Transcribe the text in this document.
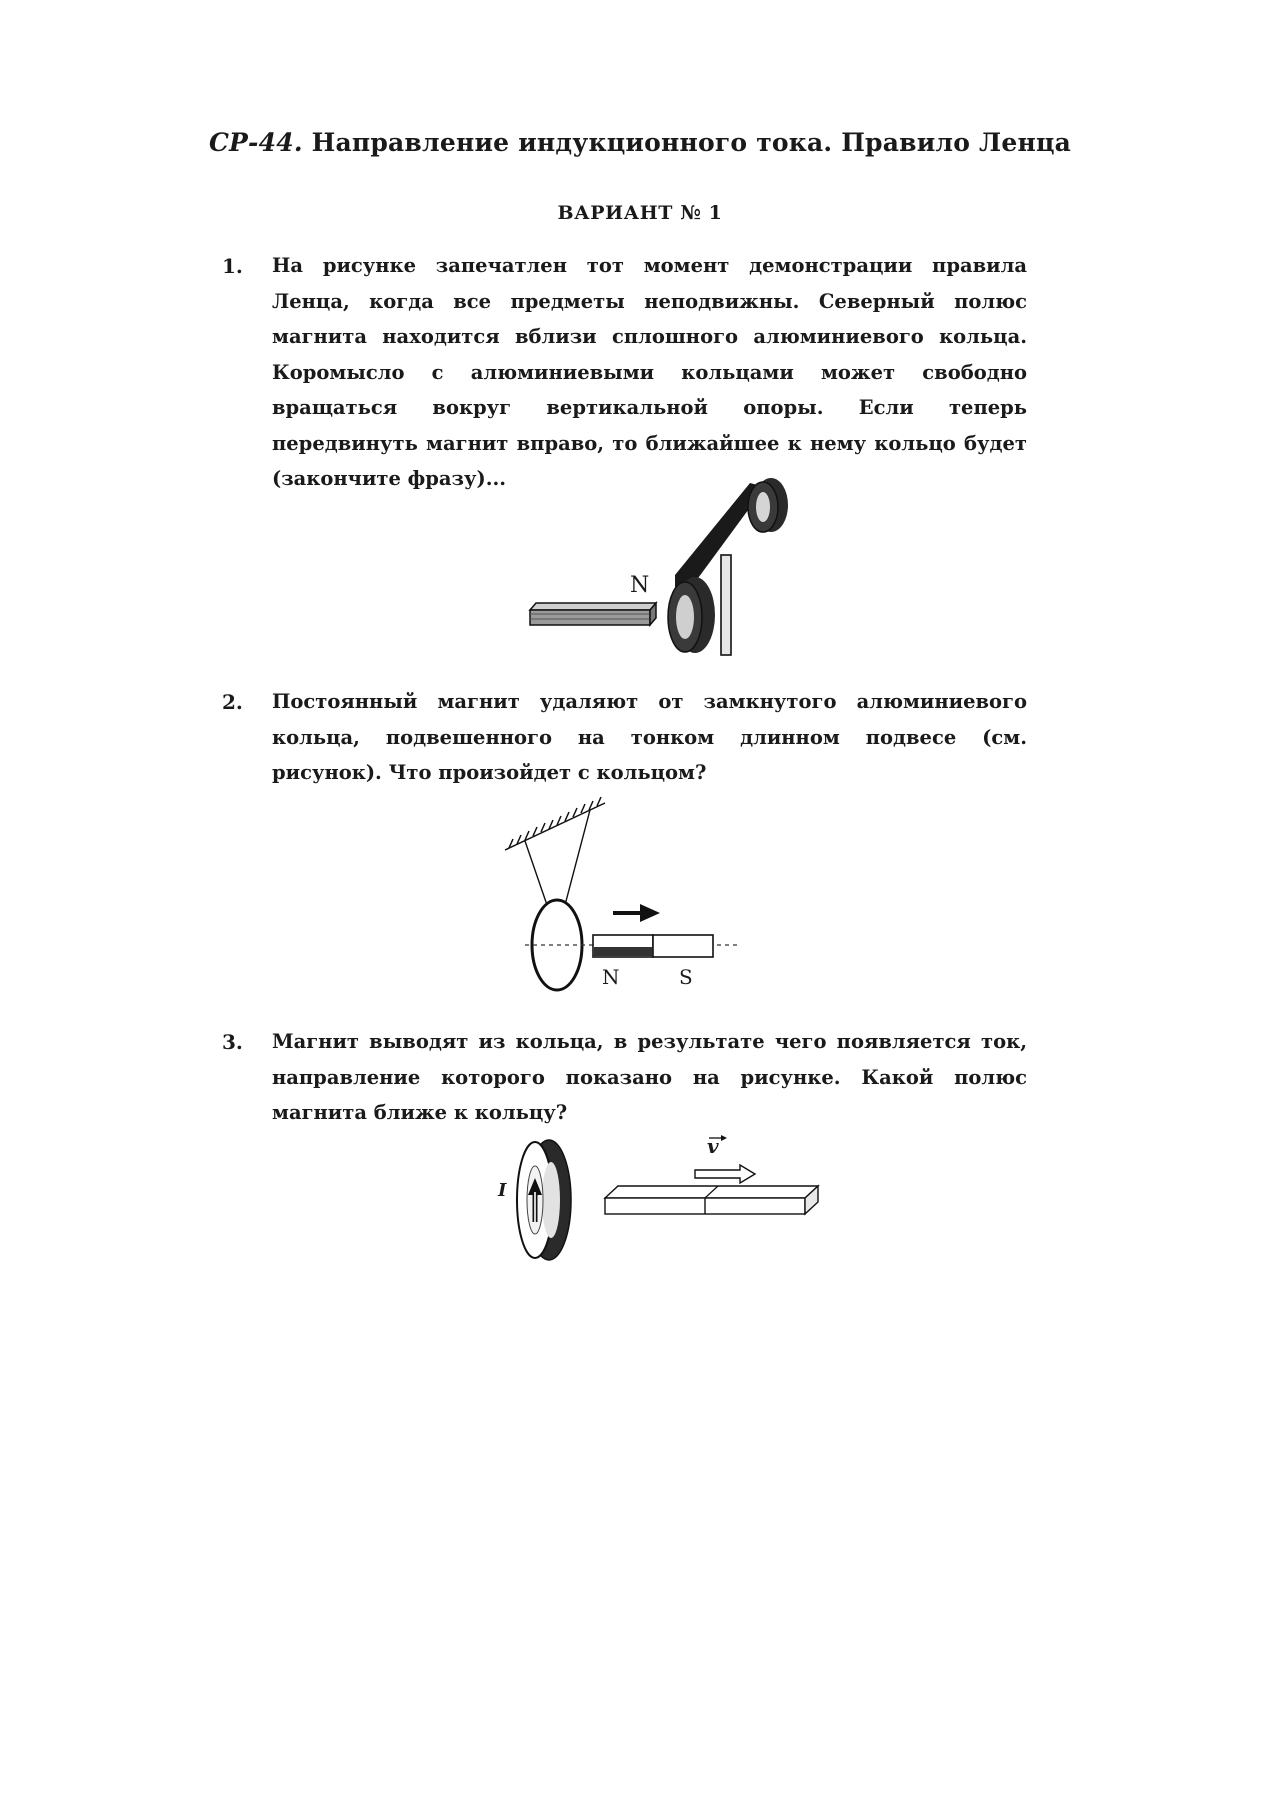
СР-44. Направление индукционного тока. Правило Ленца
ВАРИАНТ № 1
1. На рисунке запечатлен тот момент демонстрации правила Ленца, когда все предметы неподвижны. Северный полюс магнита находится вблизи сплошного алюминиевого кольца. Коромысло с алюминиевыми кольцами может свободно вращаться вокруг вертикальной опоры. Если теперь передвинуть магнит вправо, то ближайшее к нему кольцо будет (закончите фразу)...
N
2. Постоянный магнит удаляют от замкнутого алюминиевого кольца, подвешенного на тонком длинном подвесе (см. рисунок). Что произойдет с кольцом?
N	S
3. Магнит выводят из кольца, в результате чего появляется ток, направление которого показано на рисунке. Какой полюс магнита ближе к кольцу?
I
v
